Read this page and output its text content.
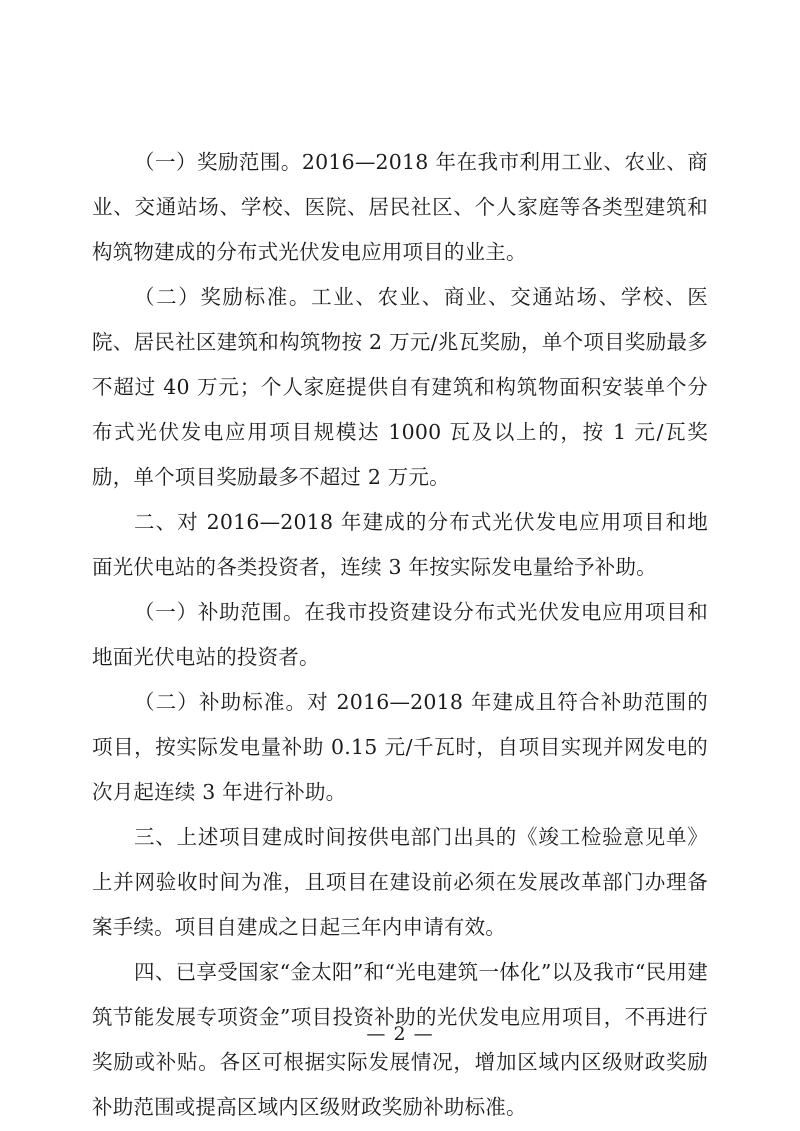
（一）奖励范围。2016—2018 年在我市利用工业、农业、商业、交通站场、学校、医院、居民社区、个人家庭等各类型建筑和构筑物建成的分布式光伏发电应用项目的业主。

（二）奖励标准。工业、农业、商业、交通站场、学校、医院、居民社区建筑和构筑物按 2 万元/兆瓦奖励，单个项目奖励最多不超过 40 万元；个人家庭提供自有建筑和构筑物面积安装单个分布式光伏发电应用项目规模达 1000 瓦及以上的，按 1 元/瓦奖励，单个项目奖励最多不超过 2 万元。

二、对 2016—2018 年建成的分布式光伏发电应用项目和地面光伏电站的各类投资者，连续 3 年按实际发电量给予补助。

（一）补助范围。在我市投资建设分布式光伏发电应用项目和地面光伏电站的投资者。

（二）补助标准。对 2016—2018 年建成且符合补助范围的项目，按实际发电量补助 0.15 元/千瓦时，自项目实现并网发电的次月起连续 3 年进行补助。

三、上述项目建成时间按供电部门出具的《竣工检验意见单》上并网验收时间为准，且项目在建设前必须在发展改革部门办理备案手续。项目自建成之日起三年内申请有效。

四、已享受国家“金太阳”和“光电建筑一体化”以及我市“民用建筑节能发展专项资金”项目投资补助的光伏发电应用项目，不再进行奖励或补贴。各区可根据实际发展情况，增加区域内区级财政奖励补助范围或提高区域内区级财政奖励补助标准。

— 2 —
